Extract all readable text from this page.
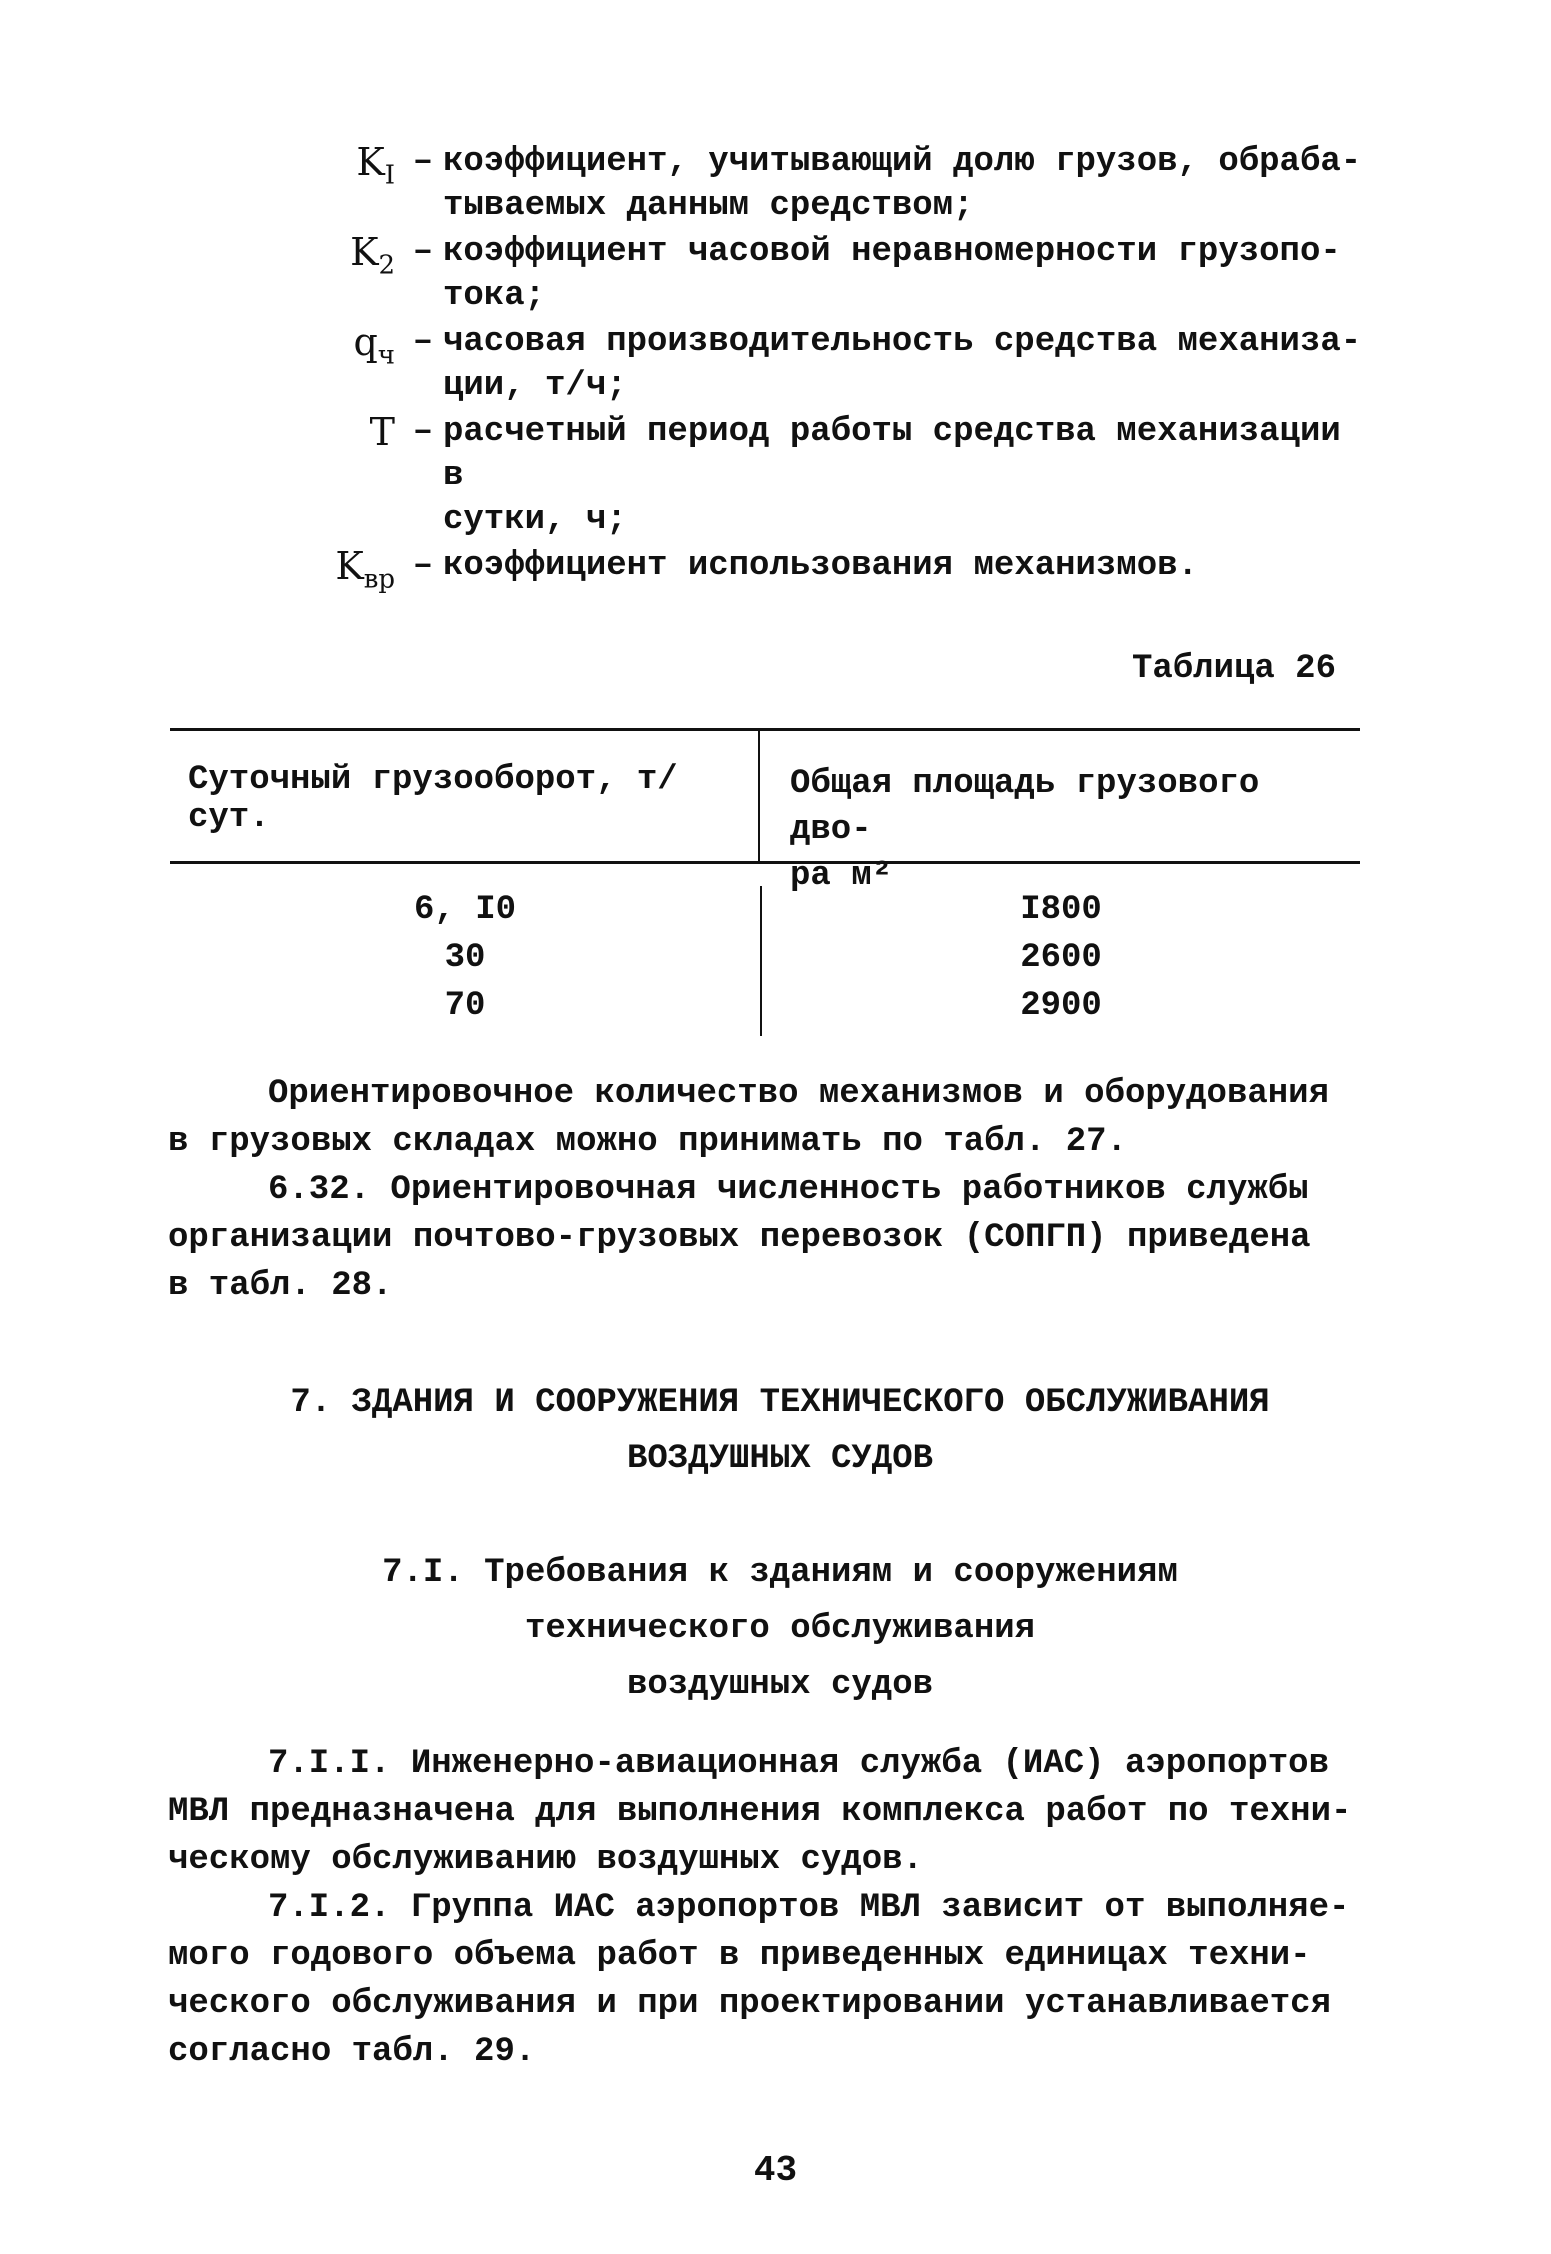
$K_I$ – коэффициент, учитывающий долю грузов, обраба-
тываемых данным средством;
$K_2$ – коэффициент часовой неравномерности грузопо-
тока;
$q_ч$ – часовая производительность средства механиза-
ции, т/ч;
T – расчетный период работы средства механизации в
сутки, ч;
$K_{вр}$ – коэффициент использования механизмов.
Таблица 26
Суточный грузооборот, т/сут.
Общая площадь грузового дво-
ра м²
6, I0
30
70
I800
2600
2900
Ориентировочное количество механизмов и оборудования
в грузовых складах можно принимать по табл. 27.
6.32. Ориентировочная численность работников службы
организации почтово-грузовых перевозок (СОПГП) приведена
в табл. 28.
7. ЗДАНИЯ И СООРУЖЕНИЯ ТЕХНИЧЕСКОГО ОБСЛУЖИВАНИЯ
ВОЗДУШНЫХ СУДОВ
7.I. Требования к зданиям и сооружениям
технического обслуживания
воздушных судов
7.I.I. Инженерно-авиационная служба (ИАС) аэропортов
МВЛ предназначена для выполнения комплекса работ по техни-
ческому обслуживанию воздушных судов.
7.I.2. Группа ИАС аэропортов МВЛ зависит от выполняе-
мого годового объема работ в приведенных единицах техни-
ческого обслуживания и при проектировании устанавливается
согласно табл. 29.
43
